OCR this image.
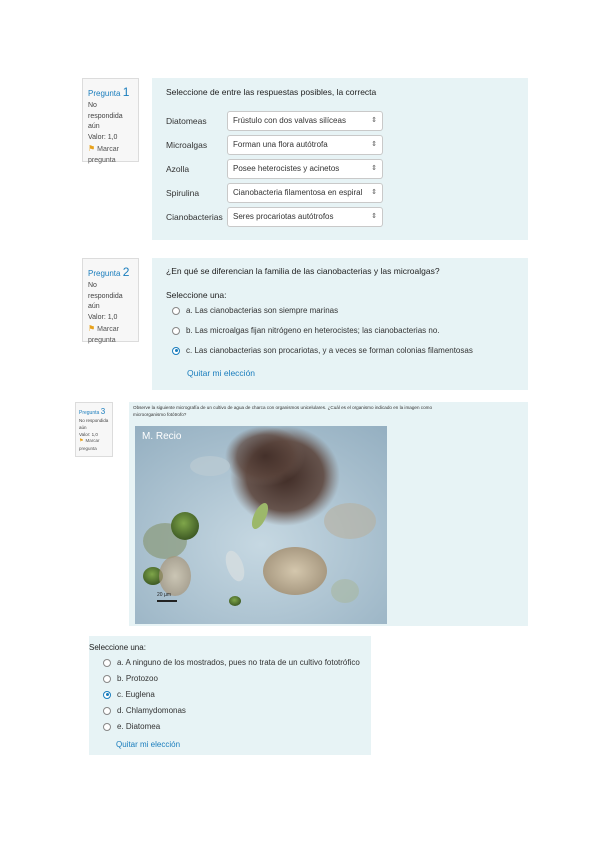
Pregunta 1
No respondida aún
Valor: 1,0
⚑ Marcar pregunta
Seleccione de entre las respuestas posibles, la correcta
Diatomeas	Frústulo con dos valvas silíceas	⇕
Microalgas	Forman una flora autótrofa	⇕
Azolla	Posee heterocistes y acinetos	⇕
Spirulina	Cianobacteria filamentosa en espiral ⇕
Cianobacterias	Seres procariotas autótrofos	⇕
Pregunta 2
No respondida aún
Valor: 1,0
⚑ Marcar pregunta
¿En qué se diferencian la familia de las cianobacterias y las microalgas?
Seleccione una:
a. Las cianobacterias son siempre marinas
b. Las microalgas fijan nitrógeno en heterocistes; las cianobacterias no.
c. Las cianobacterias son procariotas, y a veces se forman colonias filamentosas
Quitar mi elección
Pregunta 3
No respondida aún
Valor: 1,0
⚑ Marcar pregunta
Observe la siguiente micrografía de un cultivo de agua de charca con organismos unicelulares. ¿Cuál es el organismo indicado en la imagen como
microorganismo fotótrofo?
M. Recio
20 µm
Seleccione una:
a. A ninguno de los mostrados, pues no trata de un cultivo fototrófico
b. Protozoo
c. Euglena
d. Chlamydomonas
e. Diatomea
Quitar mi elección
